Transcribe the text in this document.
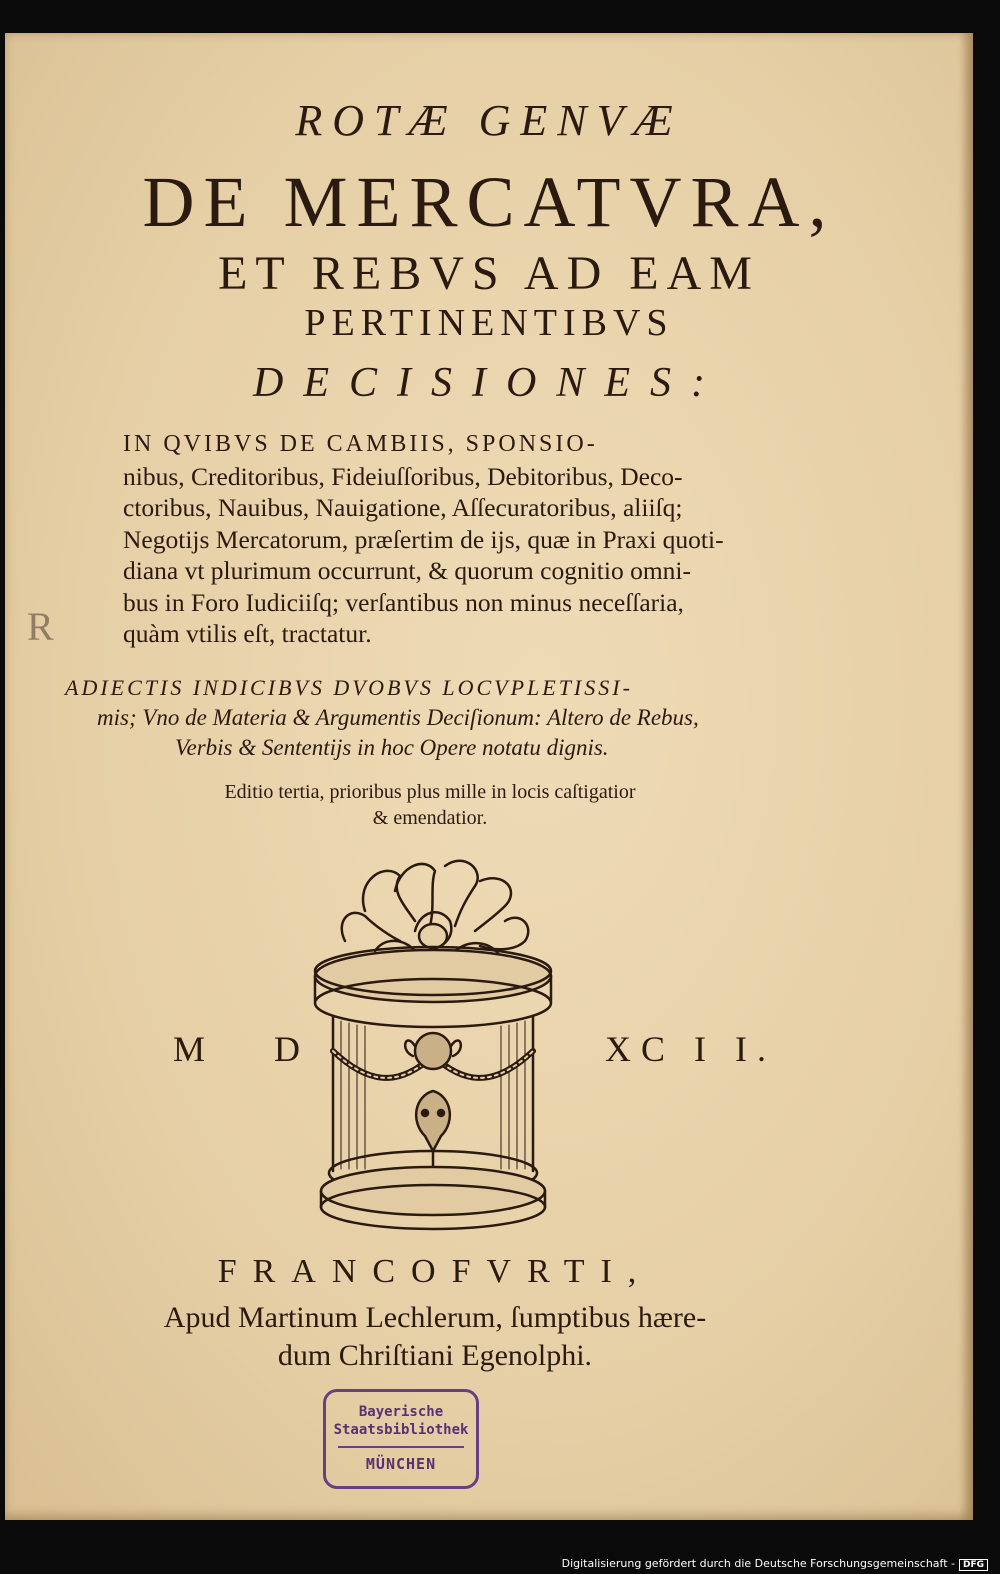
R
ROTÆ GENVÆ
DE MERCATVRA,
ET REBVS AD EAM
PERTINENTIBVS
DECISIONES:
IN QVIBVS DE CAMBIIS, SPONSIO-
nibus, Creditoribus, Fideiuſſoribus, Debitoribus, Deco-
ctoribus, Nauibus, Nauigatione, Aſſecuratoribus, aliiſq;
Negotijs Mercatorum, præſertim de ijs, quæ in Praxi quoti-
diana vt plurimum occurrunt, & quorum cognitio omni-
bus in Foro Iudiciiſq; verſantibus non minus neceſſaria,
quàm vtilis eſt, tractatur.
ADIECTIS INDICIBVS DVOBVS LOCVPLETISSI-
mis; Vno de Materia & Argumentis Deciſionum: Altero de Rebus,
Verbis & Sententijs in hoc Opere notatu dignis.
Editio tertia, prioribus plus mille in locis caſtigatior
& emendatior.
M D	XC I I.
FRANCOFVRTI,
Apud Martinum Lechlerum, ſumptibus hære-
dum Chriſtiani Egenolphi.
Bayerische
Staatsbibliothek
MÜNCHEN
Digitalisierung gefördert durch die Deutsche Forschungsgemeinschaft - DFG
